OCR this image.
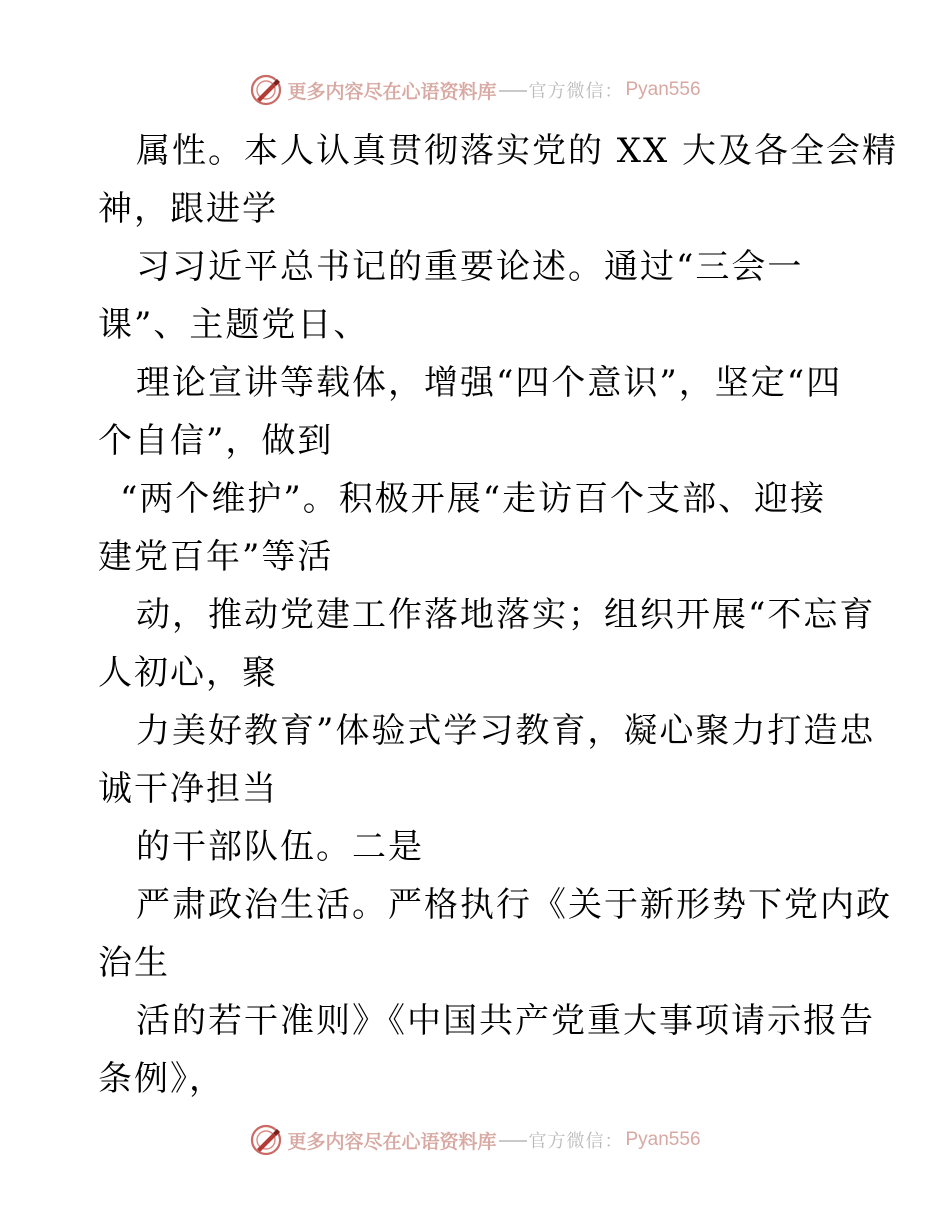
更多内容尽在心语资料库 官方微信： Pyan556
属性。本人认真贯彻落实党的 XX 大及各全会精
神，跟进学
习习近平总书记的重要论述。通过“三会一
课”、主题党日、
理论宣讲等载体，增强“四个意识”，坚定“四
个自信”，做到
“两个维护”。积极开展“走访百个支部、迎接
建党百年”等活
动，推动党建工作落地落实；组织开展“不忘育
人初心，聚
力美好教育”体验式学习教育，凝心聚力打造忠
诚干净担当
的干部队伍。二是
严肃政治生活。严格执行《关于新形势下党内政
治生
活的若干准则》《中国共产党重大事项请示报告
条例》，
更多内容尽在心语资料库 官方微信： Pyan556
